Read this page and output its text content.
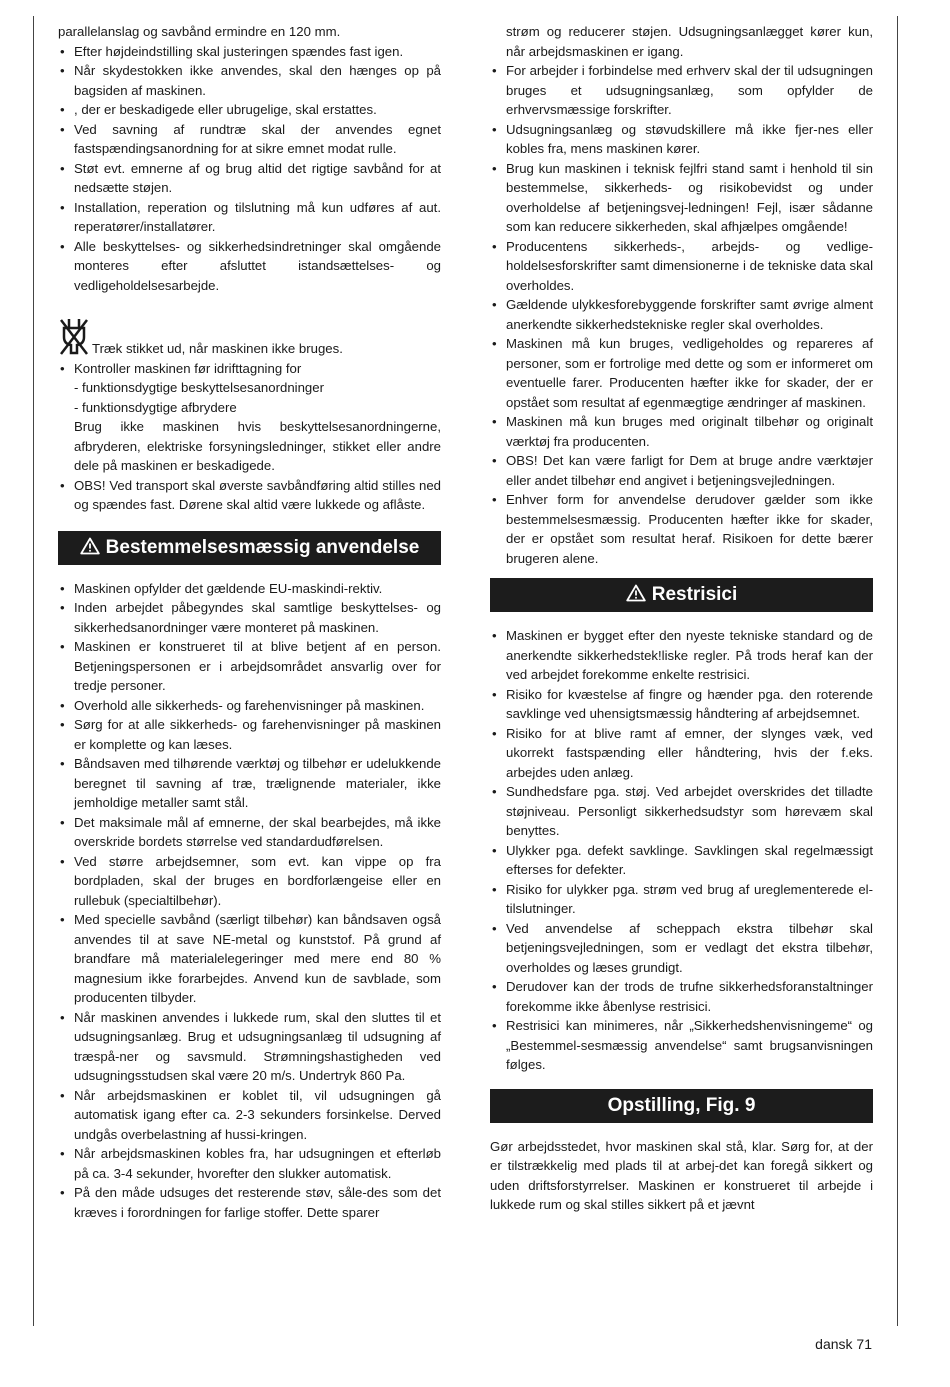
parallelanslag og savbånd ermindre en 120 mm.

• Efter højdeindstilling skal justeringen spændes fast igen.
• Når skydestokken ikke anvendes, skal den hænges op på bagsiden af maskinen.
• , der er beskadigede eller ubrugelige, skal erstattes.
• Ved savning af rundtræ skal der anvendes egnet fastspændingsanordning for at sikre emnet modat rulle.
• Støt evt. emnerne af og brug altid det rigtige savbånd for at nedsætte støjen.
• Installation, reperation og tilslutning må kun udføres af aut. reperatører/installatører.
• Alle beskyttelses- og sikkerhedsindretninger skal omgående monteres efter afsluttet istandsættelses- og vedligeholdelsesarbejde.

Træk stikket ud, når maskinen ikke bruges.

• Kontroller maskinen før idrifttagning for
- funktionsdygtige beskyttelsesanordninger
- funktionsdygtige afbrydere
Brug ikke maskinen hvis beskyttelsesanordningerne, afbryderen, elektriske forsyningsledninger, stikket eller andre dele på maskinen er beskadigede.
• OBS! Ved transport skal øverste savbåndføring altid stilles ned og spændes fast. Dørene skal altid være lukkede og aflåste.
Bestemmelsesmæssig anvendelse
• Maskinen opfylder det gældende EU-maskindi-rektiv.
• Inden arbejdet påbegyndes skal samtlige beskyttelses- og sikkerhedsanordninger være monteret på maskinen.
• Maskinen er konstrueret til at blive betjent af en person. Betjeningspersonen er i arbejdsområdet ansvarlig over for tredje personer.
• Overhold alle sikkerheds- og farehenvisninger på maskinen.
• Sørg for at alle sikkerheds- og farehenvisninger på maskinen er komplette og kan læses.
• Båndsaven med tilhørende værktøj og tilbehør er udelukkende beregnet til savning af træ, trælignende materialer, ikke jemholdige metaller samt stål.
• Det maksimale mål af emnerne, der skal bearbejdes, må ikke overskride bordets størrelse ved standardudførelsen.
• Ved større arbejdsemner, som evt. kan vippe op fra bordpladen, skal der bruges en bordforlængeise eller en rullebuk (specialtilbehør).
• Med specielle savbånd (særligt tilbehør) kan båndsaven også anvendes til at save NE-metal og kunststof. På grund af brandfare må materialelegeringer med mere end 80 % magnesium ikke forarbejdes. Anvend kun de savblade, som producenten tilbyder.
• Når maskinen anvendes i lukkede rum, skal den sluttes til et udsugningsanlæg. Brug et udsugningsanlæg til udsugning af træspå-ner og savsmuld. Strømningshastigheden ved udsugningsstudsen skal være 20 m/s. Undertryk 860 Pa.
• Når arbejdsmaskinen er koblet til, vil udsugningen gå automatisk igang efter ca. 2-3 sekunders forsinkelse. Derved undgås overbelastning af hussi-kringen.
• Når arbejdsmaskinen kobles fra, har udsugningen et efterløb på ca. 3-4 sekunder, hvorefter den slukker automatisk.
• På den måde udsuges det resterende støv, såle-des som det kræves i forordningen for farlige stoffer. Dette sparer

strøm og reducerer støjen. Udsugningsanlægget kører kun, når arbejdsmaskinen er igang.

• For arbejder i forbindelse med erhverv skal der til udsugningen bruges et udsugningsanlæg, som opfylder de erhvervsmæssige forskrifter.
• Udsugningsanlæg og støvudskillere må ikke fjer-nes eller kobles fra, mens maskinen kører.
• Brug kun maskinen i teknisk fejlfri stand samt i henhold til sin bestemmelse, sikkerheds- og risikobevidst og under overholdelse af betjeningsvej-ledningen! Fejl, især sådanne som kan reducere sikkerheden, skal afhjælpes omgående!
• Producentens sikkerheds-, arbejds- og vedlige-holdelsesforskrifter samt dimensionerne i de tekniske data skal overholdes.
• Gældende ulykkesforebyggende forskrifter samt øvrige alment anerkendte sikkerhedstekniske regler skal overholdes.
• Maskinen må kun bruges, vedligeholdes og repareres af personer, som er fortrolige med dette og som er informeret om eventuelle farer. Producenten hæfter ikke for skader, der er opstået som resultat af egenmægtige ændringer af maskinen.
• Maskinen må kun bruges med originalt tilbehør og originalt værktøj fra producenten.
• OBS! Det kan være farligt for Dem at bruge andre værktøjer eller andet tilbehør end angivet i betjeningsvejledningen.
• Enhver form for anvendelse derudover gælder som ikke bestemmelsesmæssig. Producenten hæfter ikke for skader, der er opstået som resultat heraf. Risikoen for dette bærer brugeren alene.
Restrisici
• Maskinen er bygget efter den nyeste tekniske standard og de anerkendte sikkerhedstek!liske regler. På trods heraf kan der ved arbejdet forekomme enkelte restrisici.
• Risiko for kvæstelse af fingre og hænder pga. den roterende savklinge ved uhensigtsmæssig håndtering af arbejdsemnet.
• Risiko for at blive ramt af emner, der slynges væk, ved ukorrekt fastspænding eller håndtering, hvis der f.eks. arbejdes uden anlæg.
• Sundhedsfare pga. støj. Ved arbejdet overskrides det tilladte støjniveau. Personligt sikkerhedsudstyr som hørevæm skal benyttes.
• Ulykker pga. defekt savklinge. Savklingen skal regelmæssigt efterses for defekter.
• Risiko for ulykker pga. strøm ved brug af ureglementerede el-tilslutninger.
• Ved anvendelse af scheppach ekstra tilbehør skal betjeningsvejledningen, som er vedlagt det ekstra tilbehør, overholdes og læses grundigt.
• Derudover kan der trods de trufne sikkerhedsforanstaltninger forekomme ikke åbenlyse restrisici.
• Restrisici kan minimeres, når „Sikkerhedshenvisningeme“ og „Bestemmel-sesmæssig anvendelse“ samt brugsanvisningen følges.
Opstilling, Fig. 9

Gør arbejdsstedet, hvor maskinen skal stå, klar. Sørg for, at der er tilstrækkelig med plads til at arbej-det kan foregå sikkert og uden driftsforstyrrelser. Maskinen er konstrueret til arbejde i lukkede rum og skal stilles sikkert på et jævnt

dansk 71
